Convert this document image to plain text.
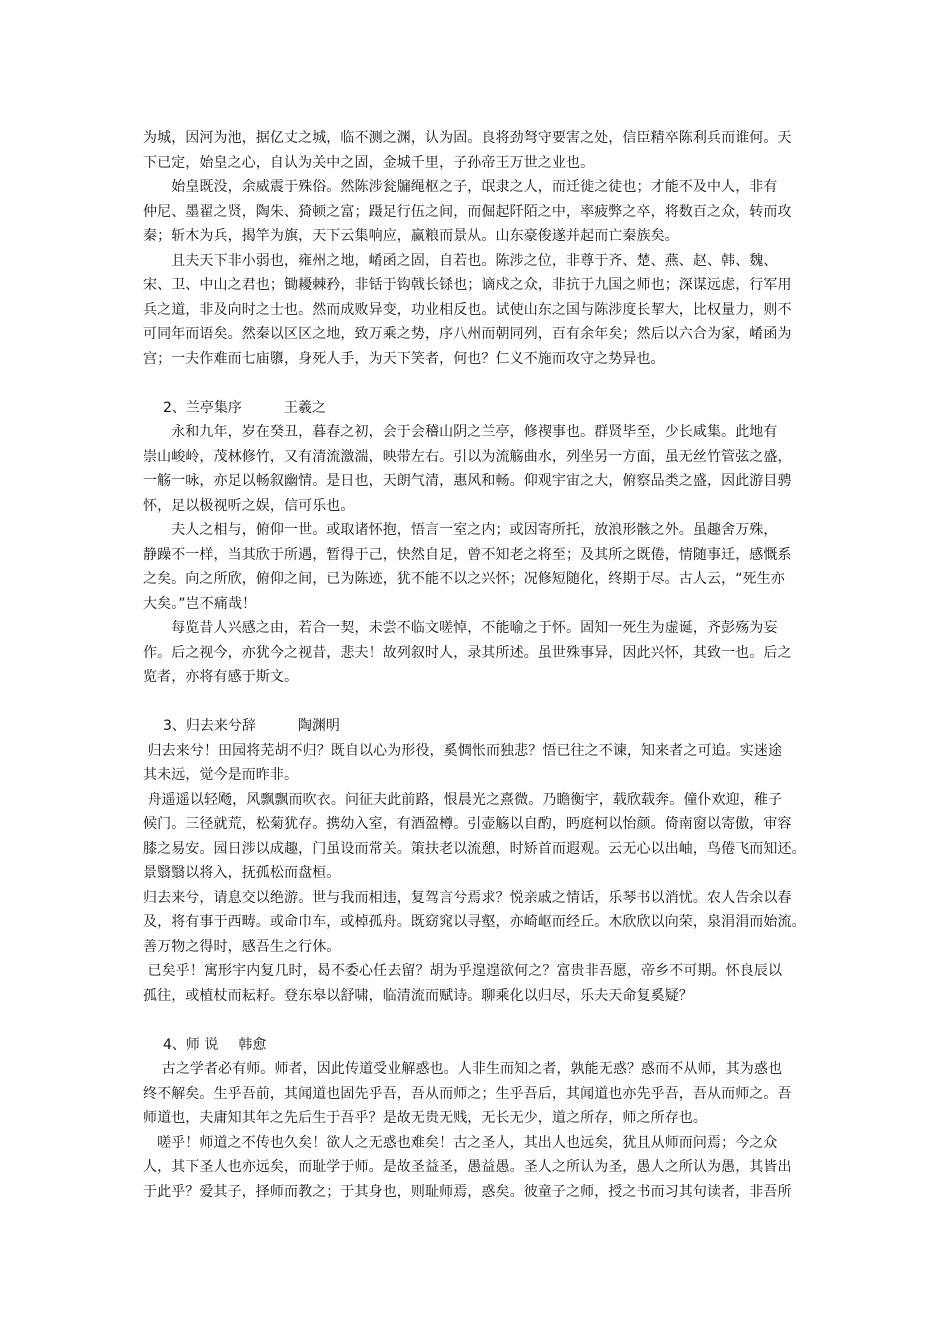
为城，因河为池，据亿丈之城，临不测之渊，认为固。良将劲弩守要害之处，信臣精卒陈利兵而谁何。天
下已定，始皇之心，自认为关中之固，金城千里，子孙帝王万世之业也。
　　始皇既没，余威震于殊俗。然陈涉瓮牖绳枢之子，氓隶之人，而迁徙之徒也；才能不及中人，非有
仲尼、墨翟之贤，陶朱、猗顿之富；蹑足行伍之间，而倔起阡陌之中，率疲弊之卒，将数百之众，转而攻
秦；斩木为兵，揭竿为旗，天下云集响应，赢粮而景从。山东豪俊遂并起而亡秦族矣。
　　且夫天下非小弱也，雍州之地，崤函之固，自若也。陈涉之位，非尊于齐、楚、燕、赵、韩、魏、
宋、卫、中山之君也；锄耰棘矜，非铦于钩戟长铩也；谪戍之众，非抗于九国之师也；深谋远虑，行军用
兵之道，非及向时之士也。然而成败异变，功业相反也。试使山东之国与陈涉度长挈大，比权量力，则不
可同年而语矣。然秦以区区之地，致万乘之势，序八州而朝同列，百有余年矣；然后以六合为家，崤函为
宫；一夫作难而七庙隳，身死人手，为天下笑者，何也？仁义不施而攻守之势异也。
2、兰亭集序	王羲之
　　永和九年，岁在癸丑，暮春之初，会于会稽山阴之兰亭，修禊事也。群贤毕至，少长咸集。此地有
崇山峻岭，茂林修竹，又有清流激湍，映带左右。引以为流觞曲水，列坐另一方面，虽无丝竹管弦之盛，
一觞一咏，亦足以畅叙幽情。是日也，天朗气清，惠风和畅。仰观宇宙之大，俯察品类之盛，因此游目骋
怀，足以极视听之娱，信可乐也。
　　夫人之相与，俯仰一世。或取诸怀抱，悟言一室之内；或因寄所托，放浪形骸之外。虽趣舍万殊，
静躁不一样，当其欣于所遇，暂得于己，快然自足，曾不知老之将至；及其所之既倦，情随事迁，感慨系
之矣。向之所欣，俯仰之间，已为陈迹，犹不能不以之兴怀；况修短随化，终期于尽。古人云，“死生亦
大矣。”岂不痛哉！
　　每览昔人兴感之由，若合一契，未尝不临文嗟悼，不能喻之于怀。固知一死生为虚诞，齐彭殇为妄
作。后之视今，亦犹今之视昔，悲夫！故列叙时人，录其所述。虽世殊事异，因此兴怀，其致一也。后之
览者，亦将有感于斯文。
3、归去来兮辞	陶渊明
归去来兮！田园将芜胡不归？既自以心为形役，奚惆怅而独悲？悟已往之不谏，知来者之可追。实迷途
其未远，觉今是而昨非。
舟遥遥以轻飏，风飘飘而吹衣。问征夫此前路，恨晨光之熹微。乃瞻衡宇，载欣载奔。僮仆欢迎，稚子
候门。三径就荒，松菊犹存。携幼入室，有酒盈樽。引壶觞以自酌，眄庭柯以怡颜。倚南窗以寄傲，审容
膝之易安。园日涉以成趣，门虽设而常关。策扶老以流憩，时矫首而遐观。云无心以出岫，鸟倦飞而知还。
景翳翳以将入，抚孤松而盘桓。
归去来兮，请息交以绝游。世与我而相违，复驾言兮焉求？悦亲戚之情话，乐琴书以消忧。农人告余以春
及，将有事于西畴。或命巾车，或棹孤舟。既窈窕以寻壑，亦崎岖而经丘。木欣欣以向荣，泉涓涓而始流。
善万物之得时，感吾生之行休。
已矣乎！寓形宇内复几时，曷不委心任去留？胡为乎遑遑欲何之？富贵非吾愿，帝乡不可期。怀良辰以
孤往，或植杖而耘耔。登东皋以舒啸，临清流而赋诗。聊乘化以归尽，乐夫天命复奚疑？
4、师 说 韩愈
　 古之学者必有师。师者，因此传道受业解惑也。人非生而知之者，孰能无惑？惑而不从师，其为惑也
终不解矣。生乎吾前，其闻道也固先乎吾，吾从而师之；生乎吾后，其闻道也亦先乎吾，吾从而师之。吾
师道也，夫庸知其年之先后生于吾乎？是故无贵无贱，无长无少，道之所存，师之所存也。
　嗟乎！师道之不传也久矣！欲人之无惑也难矣！古之圣人，其出人也远矣，犹且从师而问焉；今之众
人，其下圣人也亦远矣，而耻学于师。是故圣益圣，愚益愚。圣人之所认为圣，愚人之所认为愚，其皆出
于此乎？爱其子，择师而教之；于其身也，则耻师焉，惑矣。彼童子之师，授之书而习其句读者，非吾所
